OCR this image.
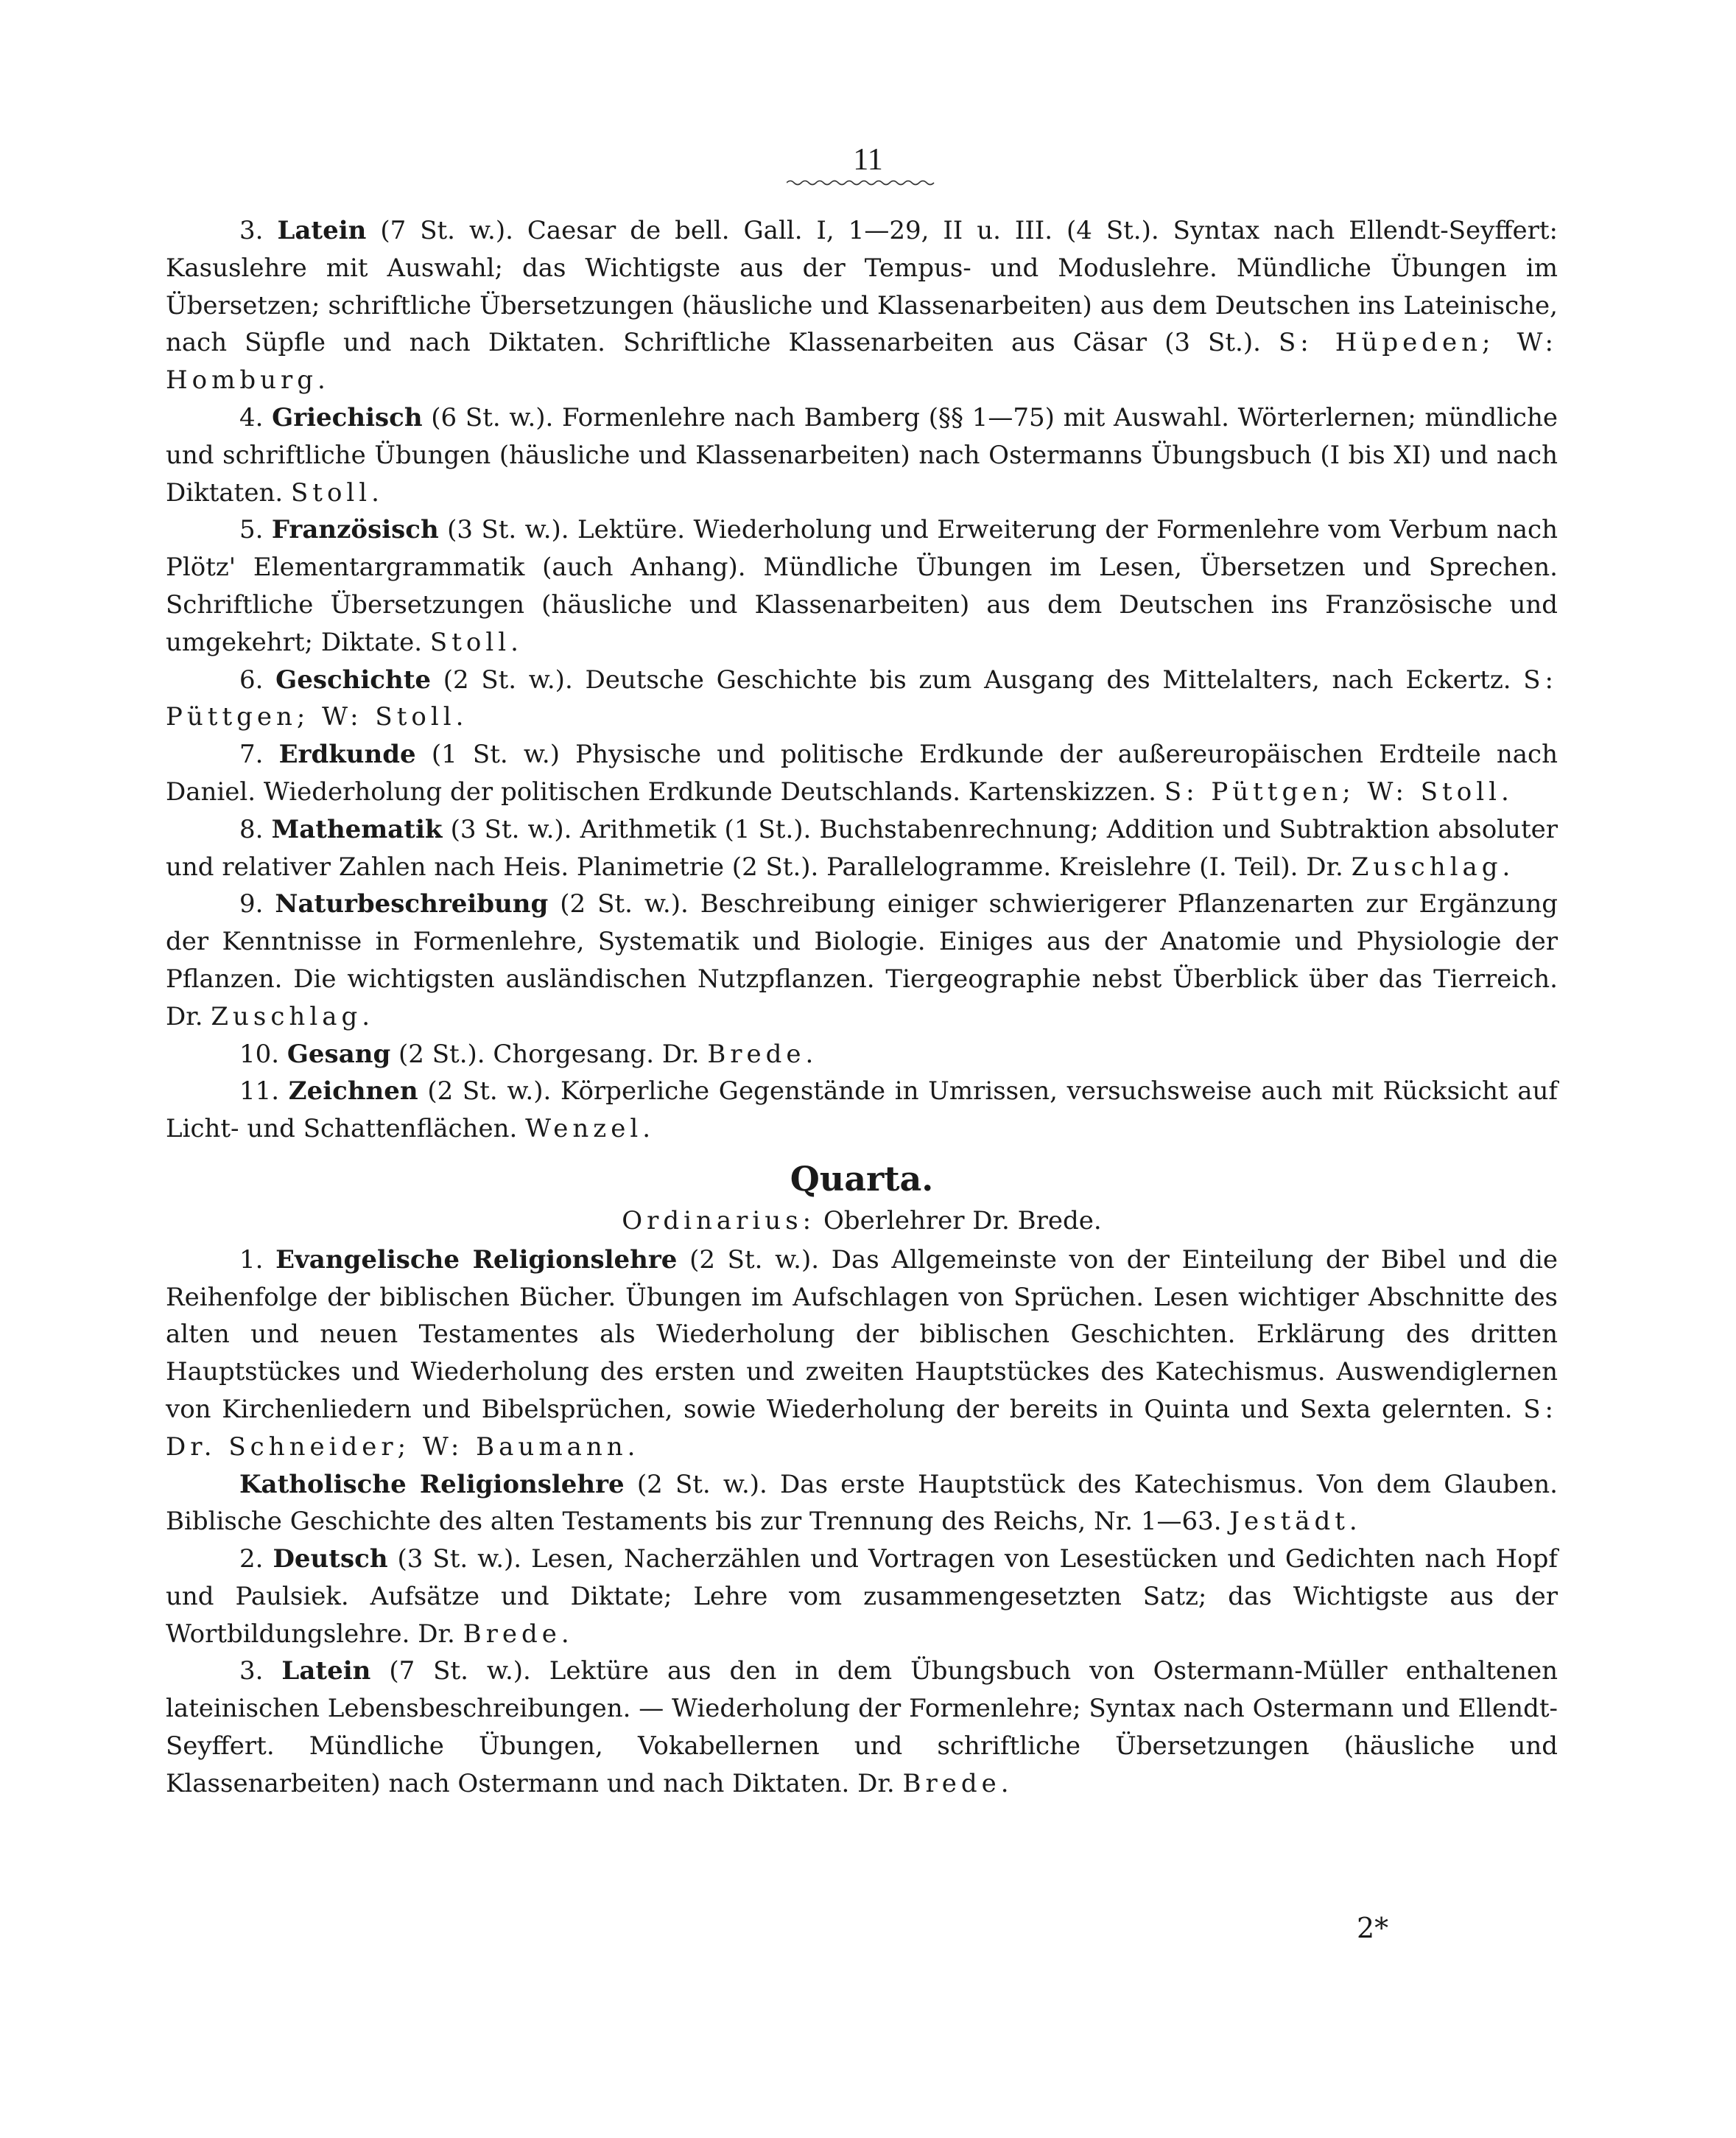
11

3. Latein (7 St. w.). Caesar de bell. Gall. I, 1—29, II u. III. (4 St.). Syntax nach Ellendt-Seyffert: Kasuslehre mit Auswahl; das Wichtigste aus der Tempus- und Moduslehre. Mündliche Übungen im Übersetzen; schriftliche Übersetzungen (häusliche und Klassenarbeiten) aus dem Deutschen ins Lateinische, nach Süpfle und nach Diktaten. Schriftliche Klassenarbeiten aus Cäsar (3 St.). S: Hüpeden; W: Homburg.

4. Griechisch (6 St. w.). Formenlehre nach Bamberg (§§ 1—75) mit Auswahl. Wörterlernen; mündliche und schriftliche Übungen (häusliche und Klassenarbeiten) nach Ostermanns Übungsbuch (I bis XI) und nach Diktaten. Stoll.

5. Französisch (3 St. w.). Lektüre. Wiederholung und Erweiterung der Formenlehre vom Verbum nach Plötz' Elementargrammatik (auch Anhang). Mündliche Übungen im Lesen, Übersetzen und Sprechen. Schriftliche Übersetzungen (häusliche und Klassenarbeiten) aus dem Deutschen ins Französische und umgekehrt; Diktate. Stoll.

6. Geschichte (2 St. w.). Deutsche Geschichte bis zum Ausgang des Mittelalters, nach Eckertz. S: Püttgen; W: Stoll.

7. Erdkunde (1 St. w.) Physische und politische Erdkunde der außereuropäischen Erdteile nach Daniel. Wiederholung der politischen Erdkunde Deutschlands. Kartenskizzen. S: Püttgen; W: Stoll.

8. Mathematik (3 St. w.). Arithmetik (1 St.). Buchstabenrechnung; Addition und Subtraktion absoluter und relativer Zahlen nach Heis. Planimetrie (2 St.). Parallelogramme. Kreislehre (I. Teil). Dr. Zuschlag.

9. Naturbeschreibung (2 St. w.). Beschreibung einiger schwierigerer Pflanzenarten zur Ergänzung der Kenntnisse in Formenlehre, Systematik und Biologie. Einiges aus der Anatomie und Physiologie der Pflanzen. Die wichtigsten ausländischen Nutzpflanzen. Tiergeographie nebst Überblick über das Tierreich. Dr. Zuschlag.

10. Gesang (2 St.). Chorgesang. Dr. Brede.

11. Zeichnen (2 St. w.). Körperliche Gegenstände in Umrissen, versuchsweise auch mit Rücksicht auf Licht- und Schattenflächen. Wenzel.

Quarta.
Ordinarius: Oberlehrer Dr. Brede.

1. Evangelische Religionslehre (2 St. w.). Das Allgemeinste von der Einteilung der Bibel und die Reihenfolge der biblischen Bücher. Übungen im Aufschlagen von Sprüchen. Lesen wichtiger Abschnitte des alten und neuen Testamentes als Wiederholung der biblischen Geschichten. Erklärung des dritten Hauptstückes und Wiederholung des ersten und zweiten Hauptstückes des Katechismus. Auswendiglernen von Kirchenliedern und Bibelsprüchen, sowie Wiederholung der bereits in Quinta und Sexta gelernten. S: Dr. Schneider; W: Baumann.

Katholische Religionslehre (2 St. w.). Das erste Hauptstück des Katechismus. Von dem Glauben. Biblische Geschichte des alten Testaments bis zur Trennung des Reichs, Nr. 1—63. Jestädt.

2. Deutsch (3 St. w.). Lesen, Nacherzählen und Vortragen von Lesestücken und Gedichten nach Hopf und Paulsiek. Aufsätze und Diktate; Lehre vom zusammengesetzten Satz; das Wichtigste aus der Wortbildungslehre. Dr. Brede.

3. Latein (7 St. w.). Lektüre aus den in dem Übungsbuch von Ostermann-Müller enthaltenen lateinischen Lebensbeschreibungen. — Wiederholung der Formenlehre; Syntax nach Ostermann und Ellendt-Seyffert. Mündliche Übungen, Vokabellernen und schriftliche Übersetzungen (häusliche und Klassenarbeiten) nach Ostermann und nach Diktaten. Dr. Brede.

2*
